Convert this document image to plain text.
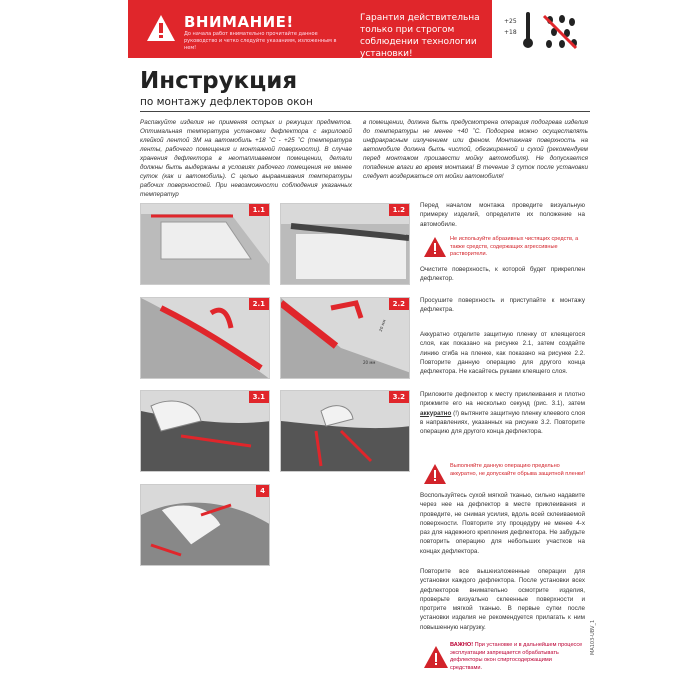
ВНИМАНИЕ!
До начала работ внимательно прочитайте данное руководство и четко следуйте указаниям, изложенным в нем!
Гарантия действительна только при строгом соблюдении технологии установки!
+25
+18
Инструкция
по монтажу дефлекторов окон
Распакуйте изделия не применяя острых и режущих предметов. Оптимальная температура установки дефлектора с акриловой клейкой лентой 3М на автомобиль +18 ˚C - +25 ˚C (температура ленты, рабочего помещения и монтажной поверхности). В случае хранения дефлектора в неотапливаемом помещении, детали должны быть выдержаны в условиях рабочего помещения не менее суток (как и автомобиль). С целью выравнивания температуры рабочих поверхностей. При невозможности соблюдения указанных температур
в помещении, должна быть предусмотрена операция подогрева изделия до температуры не менее +40 ˚C. Подогрев можно осуществлять инфракрасным излучением или феном. Монтажная поверхность на автомобиле должна быть чистой, обезжиренной и сухой (рекомендуем перед монтажом произвести мойку автомобиля). Не допускается попадение влаги во время монтажа! В течение 3 суток после установки следует воздержаться от мойки автомобиля!
1.1	1.2
2.1
20 мм
20 мм
2.2
3.1	3.2
4
Перед началом монтажа проведите визуальную примерку изделий, определите их положение на автомобиле.
Не используйте абразивных чистящих средств, а также средств, содержащих агрессивные растворители.
Очистите поверхность, к которой будет прикреплен дефлектор.
Просушите поверхность и приступайте к монтажу дефлектра.
Аккуратно отделите защитную пленку от клеящегося слоя, как показано на рисунке 2.1, затем создайте линию сгиба на пленке, как показано на рисунке 2.2. Повторите данную операцию для другого конца дефлектора. Не касайтесь руками клеящего слоя.
Приложите дефлектор к месту приклеивания и плотно прижмите его на несколько секунд (рис. 3.1), затем аккуратно (!) вытяните защитную пленку клеевого слоя в направлениях, указанных на рисунке 3.2. Повторите операцию для другого конца дефлектора.
Выполняйте данную операцию предельно аккуратно, не допускайте обрыва защитной пленки!
Воспользуйтесь сухой мягкой тканью, сильно надавите через нее на дефлектор в месте приклеивания и проведите, не снимая усилия, вдоль всей склеиваемой поверхности. Повторите эту процедуру не менее 4-х раз для надежного крепления дефлектора. Не забудьте повторить операцию для небольших участков на концах дефлектора.
Повторите все вышеизложенные операции для установки каждого дефлектора. После установки всех дефлекторов внимательно осмотрите изделия, проверьте визуально склеенные поверхности и протрите мягкой тканью. В первые сутки после установки изделия не рекомендуется прилагать к ним повышенную нагрузку.
ВАЖНО! При установке и в дальнейшем процессе эксплуатации запрещается обрабатывать дефлекторы окон спиртосодержащими средствами.
MA103-UBV_1
